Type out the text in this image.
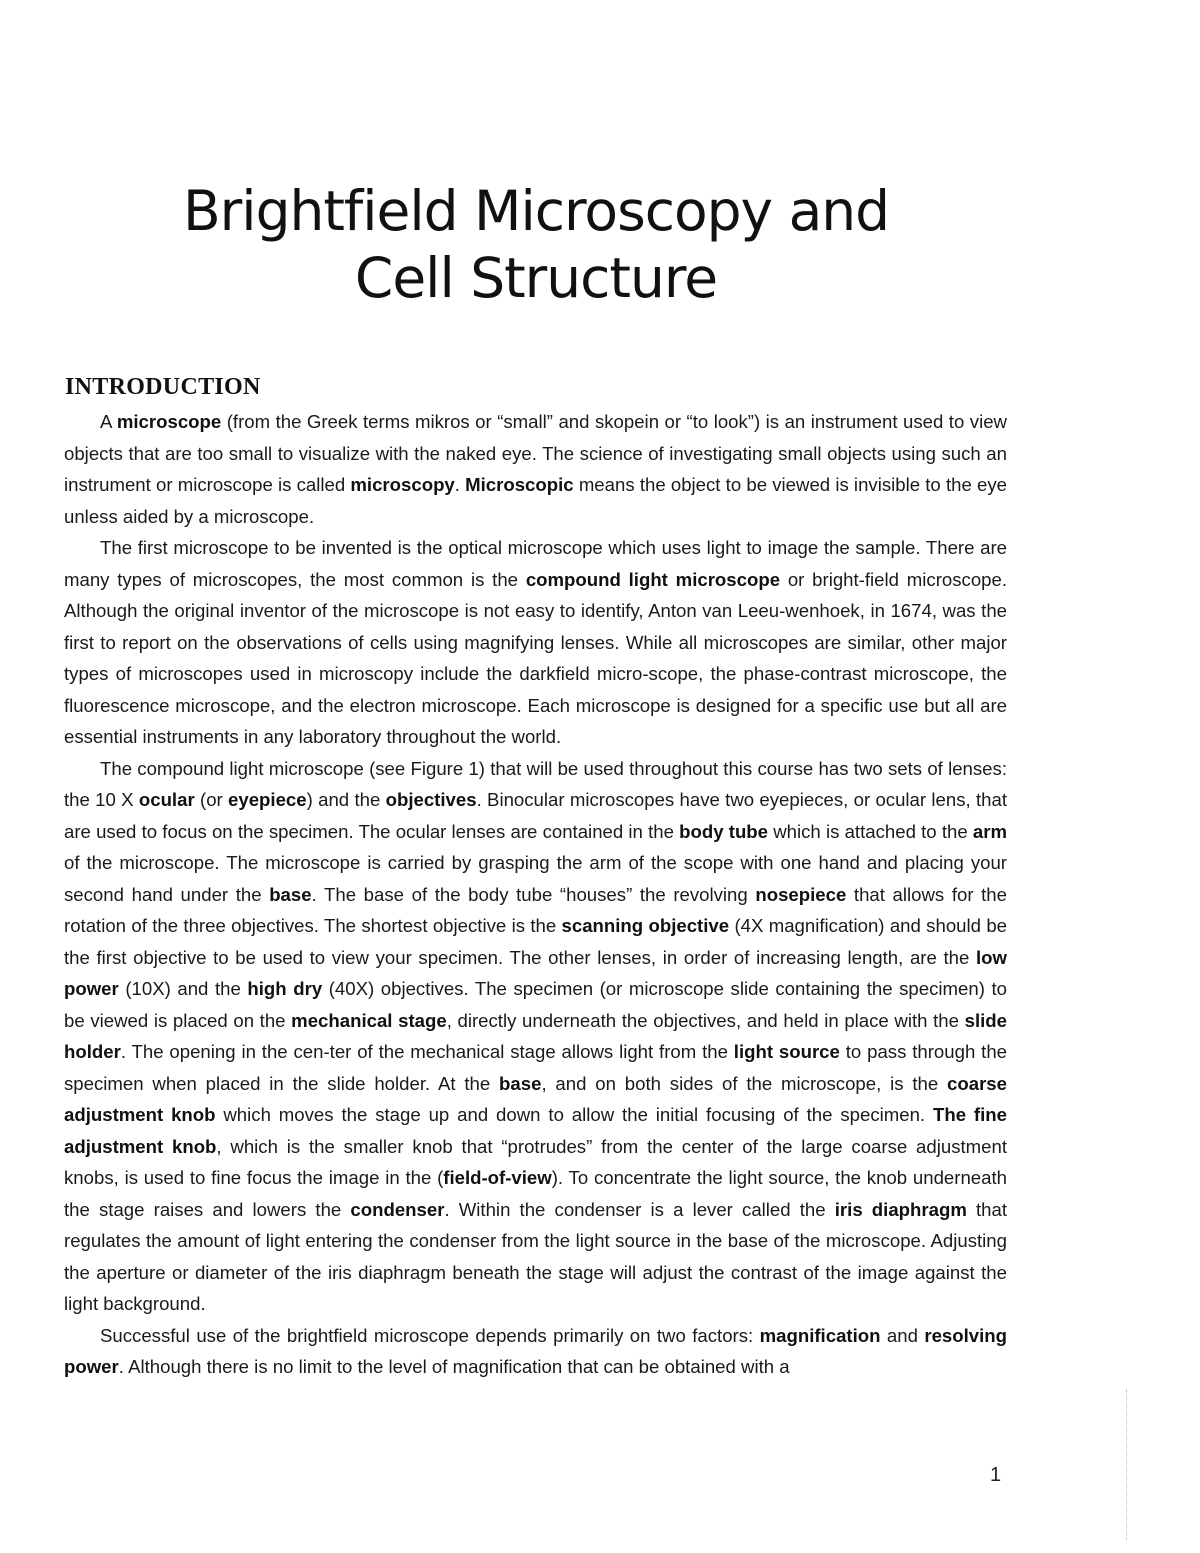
Brightfield Microscopy and
Cell Structure
INTRODUCTION

A microscope (from the Greek terms mikros or “small” and skopein or “to look”) is an instrument used to view objects that are too small to visualize with the naked eye. The science of investigating small objects using such an instrument or microscope is called microscopy. Microscopic means the object to be viewed is invisible to the eye unless aided by a microscope.

The first microscope to be invented is the optical microscope which uses light to image the sample. There are many types of microscopes, the most common is the compound light microscope or bright-field microscope. Although the original inventor of the microscope is not easy to identify, Anton van Leeu-wenhoek, in 1674, was the first to report on the observations of cells using magnifying lenses. While all microscopes are similar, other major types of microscopes used in microscopy include the darkfield micro-scope, the phase-contrast microscope, the fluorescence microscope, and the electron microscope. Each microscope is designed for a specific use but all are essential instruments in any laboratory throughout the world.

The compound light microscope (see Figure 1) that will be used throughout this course has two sets of lenses: the 10 X ocular (or eyepiece) and the objectives. Binocular microscopes have two eyepieces, or ocular lens, that are used to focus on the specimen. The ocular lenses are contained in the body tube which is attached to the arm of the microscope. The microscope is carried by grasping the arm of the scope with one hand and placing your second hand under the base. The base of the body tube “houses” the revolving nosepiece that allows for the rotation of the three objectives. The shortest objective is the scanning objective (4X magnification) and should be the first objective to be used to view your specimen. The other lenses, in order of increasing length, are the low power (10X) and the high dry (40X) objectives. The specimen (or microscope slide containing the specimen) to be viewed is placed on the mechanical stage, directly underneath the objectives, and held in place with the slide holder. The opening in the cen-ter of the mechanical stage allows light from the light source to pass through the specimen when placed in the slide holder. At the base, and on both sides of the microscope, is the coarse adjustment knob which moves the stage up and down to allow the initial focusing of the specimen. The fine adjustment knob, which is the smaller knob that “protrudes” from the center of the large coarse adjustment knobs, is used to fine focus the image in the (field-of-view). To concentrate the light source, the knob underneath the stage raises and lowers the condenser. Within the condenser is a lever called the iris diaphragm that regulates the amount of light entering the condenser from the light source in the base of the microscope. Adjusting the aperture or diameter of the iris diaphragm beneath the stage will adjust the contrast of the image against the light background.

Successful use of the brightfield microscope depends primarily on two factors: magnification and resolving power. Although there is no limit to the level of magnification that can be obtained with a

1
